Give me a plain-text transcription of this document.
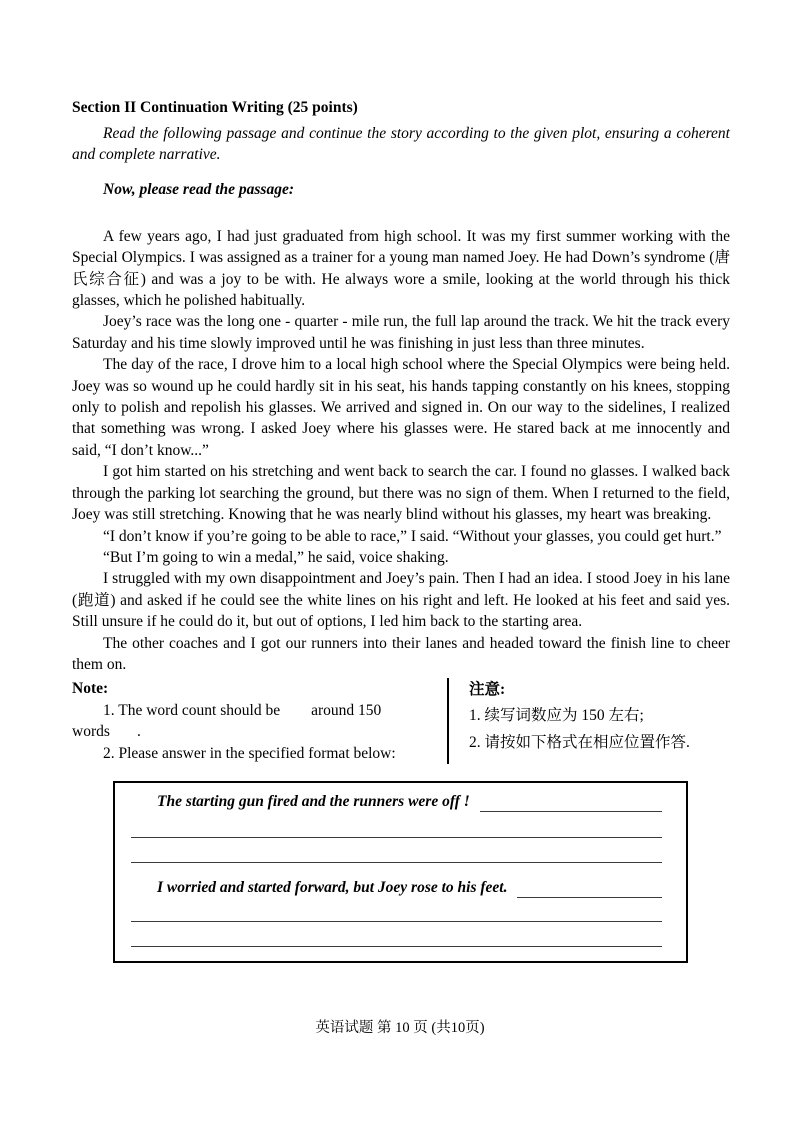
Section II Continuation Writing (25 points)

Read the following passage and continue the story according to the given plot, ensuring a coherent and complete narrative.

Now, please read the passage:

A few years ago, I had just graduated from high school. It was my first summer working with the Special Olympics. I was assigned as a trainer for a young man named Joey. He had Down’s syndrome (唐氏综合征) and was a joy to be with. He always wore a smile, looking at the world through his thick glasses, which he polished habitually.

Joey’s race was the long one - quarter - mile run, the full lap around the track. We hit the track every Saturday and his time slowly improved until he was finishing in just less than three minutes.

The day of the race, I drove him to a local high school where the Special Olympics were being held. Joey was so wound up he could hardly sit in his seat, his hands tapping constantly on his knees, stopping only to polish and repolish his glasses. We arrived and signed in. On our way to the sidelines, I realized that something was wrong. I asked Joey where his glasses were. He stared back at me innocently and said, “I don’t know...”

I got him started on his stretching and went back to search the car. I found no glasses. I walked back through the parking lot searching the ground, but there was no sign of them. When I returned to the field, Joey was still stretching. Knowing that he was nearly blind without his glasses, my heart was breaking.

“I don’t know if you’re going to be able to race,” I said. “Without your glasses, you could get hurt.”

“But I’m going to win a medal,” he said, voice shaking.

I struggled with my own disappointment and Joey’s pain. Then I had an idea. I stood Joey in his lane (跑道) and asked if he could see the white lines on his right and left. He looked at his feet and said yes. Still unsure if he could do it, but out of options, I led him back to the starting area.

The other coaches and I got our runners into their lanes and headed toward the finish line to cheer them on.

Note:
1. The word count should be        around 150
words       .
2. Please answer in the specified format below:
注意:
1. 续写词数应为 150 左右;
2. 请按如下格式在相应位置作答.
The starting gun fired and the runners were off !
I worried and started forward, but Joey rose to his feet.
英语试题 第 10 页 (共10页)
